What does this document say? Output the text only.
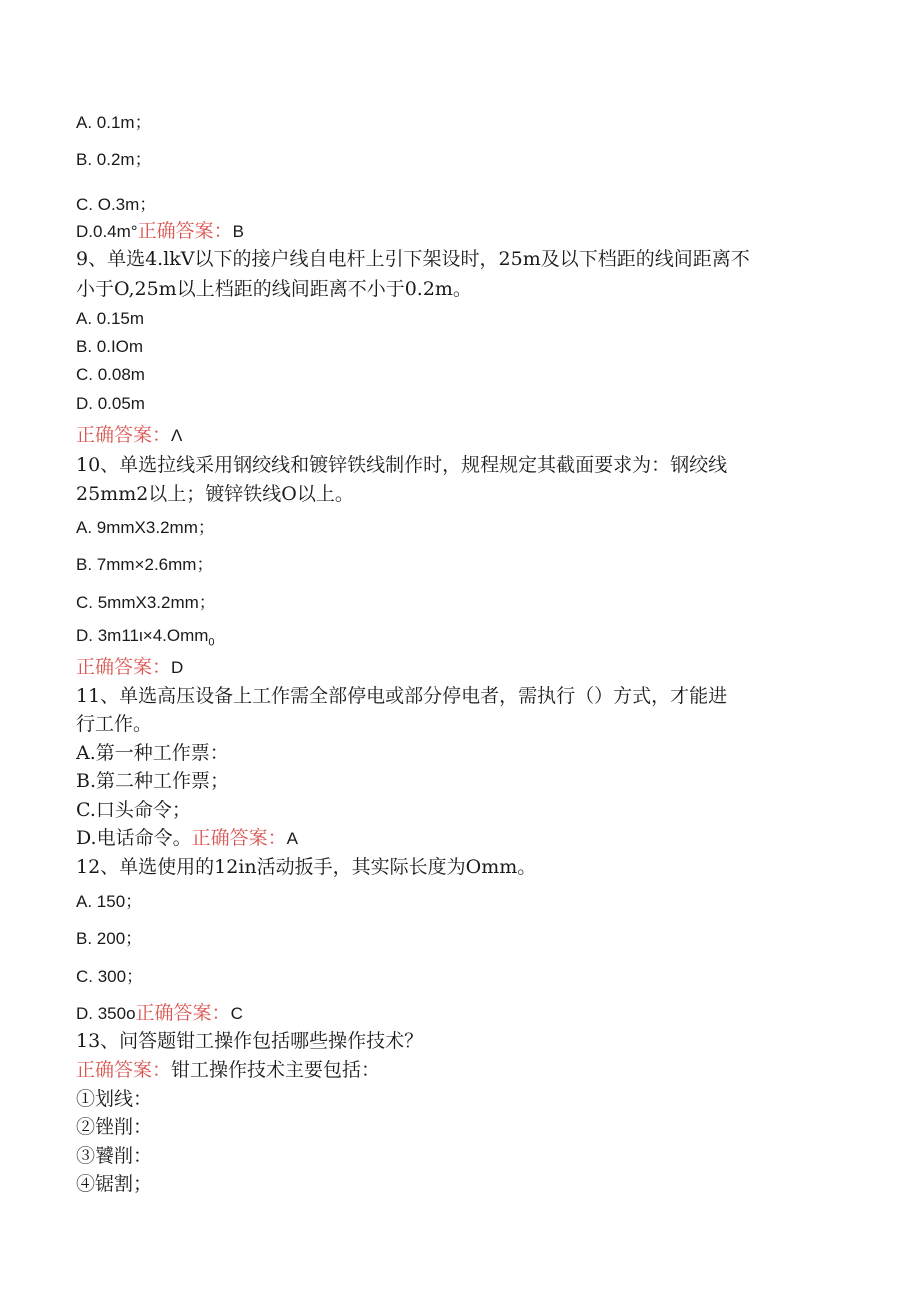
A. 0.1m；
B. 0.2m；
C. O.3m；
D.0.4m°正确答案：B
9、单选4.lkV以下的接户线自电杆上引下架设时，25m及以下档距的线间距离不
小于O,25m以上档距的线间距离不小于0.2m。
A. 0.15m
B. 0.IOm
C. 0.08m
D. 0.05m
正确答案：Λ
10、单选拉线采用钢绞线和镀锌铁线制作时，规程规定其截面要求为：钢绞线
25mm2以上；镀锌铁线O以上。
A. 9mmX3.2mm；
B. 7mm×2.6mm；
C. 5mmX3.2mm；
D. 3m11ι×4.Omm$_0$
正确答案：D
11、单选高压设备上工作需全部停电或部分停电者，需执行（）方式，才能进
行工作。
A.第一种工作票：
B.第二种工作票；
C.口头命令；
D.电话命令。正确答案：A
12、单选使用的12in活动扳手，其实际长度为Omm。
A. 150；
B. 200；
C. 300；
D. 350o正确答案：C
13、问答题钳工操作包括哪些操作技术？
正确答案：钳工操作技术主要包括：
①划线：
②锉削：
③饕削：
④锯割；
